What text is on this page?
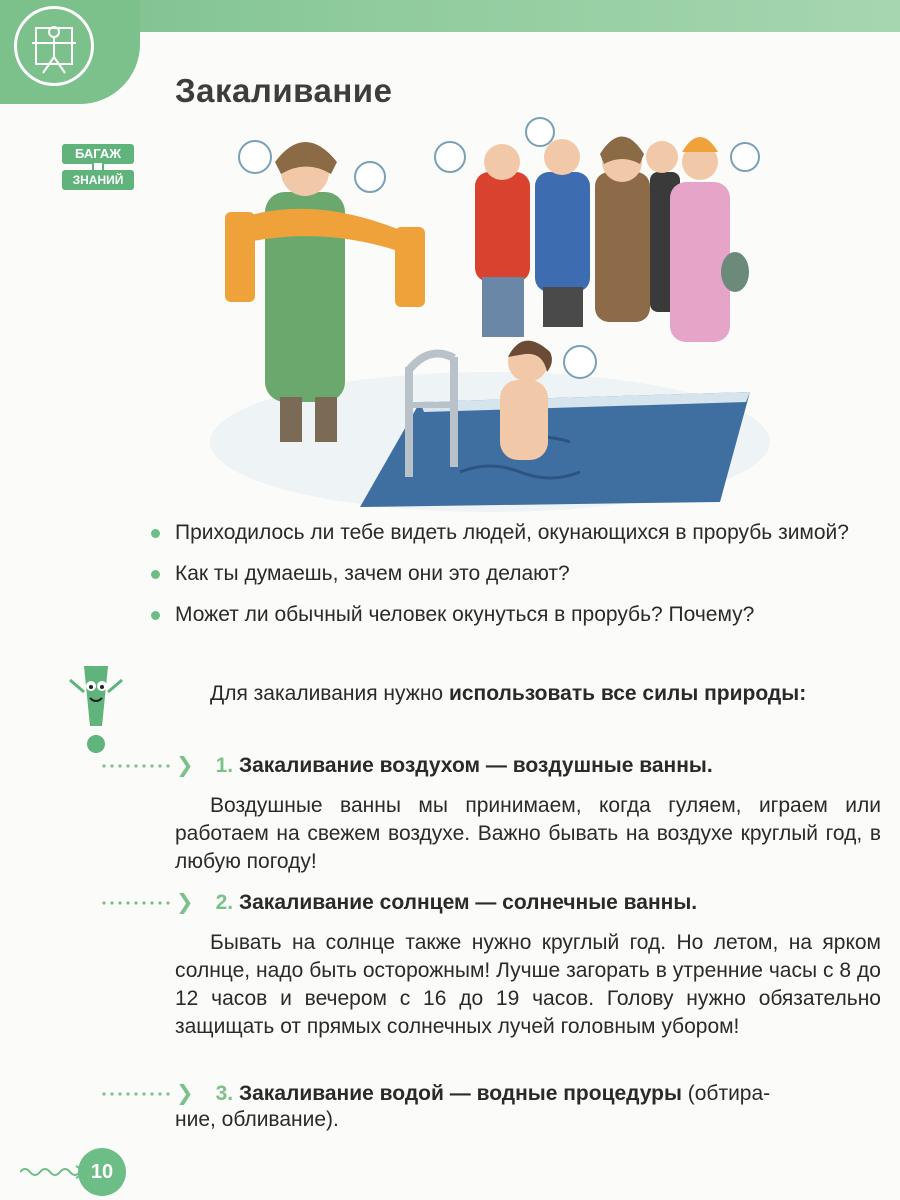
Закаливание
БАГАЖ
ЗНАНИЙ
Приходилось ли тебе видеть людей, окунающихся в прорубь зимой?
Как ты думаешь, зачем они это делают?
Может ли обычный человек окунуться в прорубь? Почему?
Для закаливания нужно использовать все силы природы:
❯ 1. Закаливание воздухом — воздушные ванны.
Воздушные ванны мы принимаем, когда гуляем, играем или работаем на свежем воздухе. Важно бывать на воздухе круглый год, в любую погоду!
❯ 2. Закаливание солнцем — солнечные ванны.
Бывать на солнце также нужно круглый год. Но летом, на ярком солнце, надо быть осторожным! Лучше загорать в утренние часы с 8 до 12 часов и вечером с 16 до 19 часов. Голову нужно обязательно защищать от прямых солнечных лучей головным убором!
❯ 3. Закаливание водой — водные процедуры (обтира-
ние, обливание).
10
